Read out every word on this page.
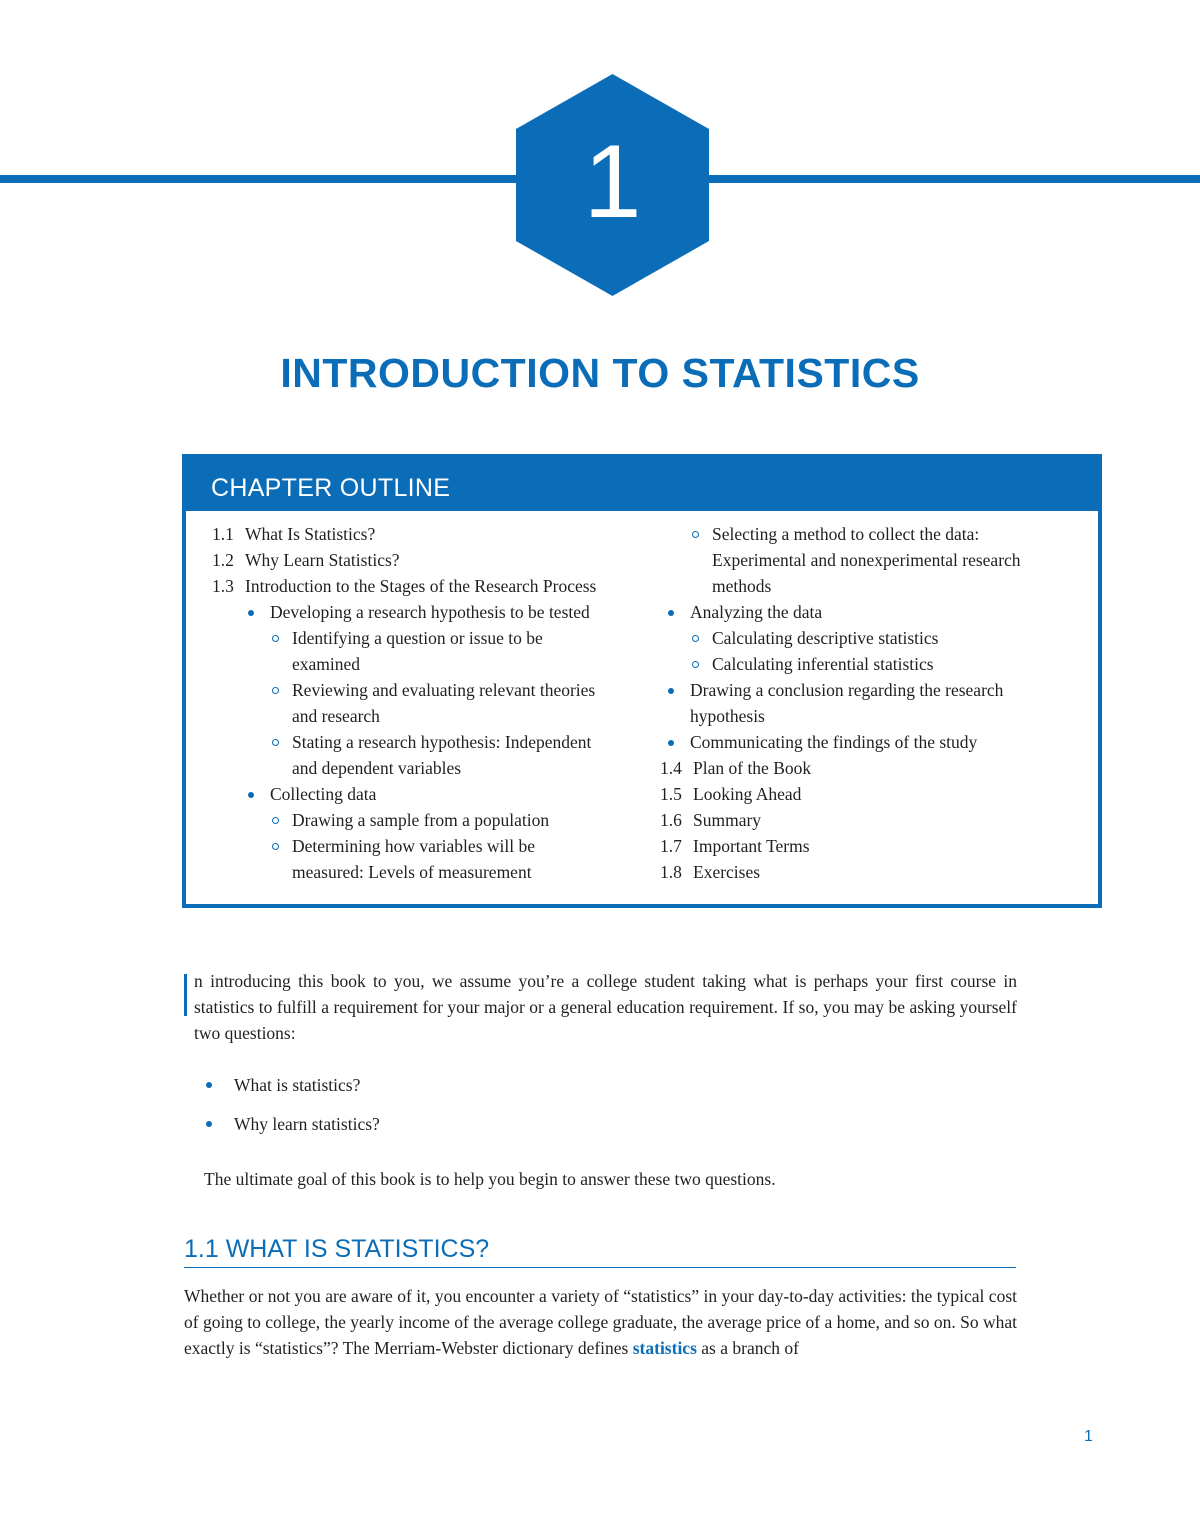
1
INTRODUCTION TO STATISTICS
CHAPTER OUTLINE
1.1 What Is Statistics?
1.2 Why Learn Statistics?
1.3 Introduction to the Stages of the Research Process
Developing a research hypothesis to be tested
Identifying a question or issue to be
examined
Reviewing and evaluating relevant theories
and research
Stating a research hypothesis: Independent
and dependent variables
Collecting data
Drawing a sample from a population
Determining how variables will be
measured: Levels of measurement
Selecting a method to collect the data:
Experimental and nonexperimental research
methods
Analyzing the data
Calculating descriptive statistics
Calculating inferential statistics
Drawing a conclusion regarding the research
hypothesis
Communicating the findings of the study
1.4 Plan of the Book
1.5 Looking Ahead
1.6 Summary
1.7 Important Terms
1.8 Exercises
n introducing this book to you, we assume you’re a college student taking what is perhaps your first course in statistics to fulfill a requirement for your major or a general education requirement. If so, you may be asking yourself two questions:
What is statistics?
Why learn statistics?
The ultimate goal of this book is to help you begin to answer these two questions.
1.1 WHAT IS STATISTICS?
Whether or not you are aware of it, you encounter a variety of “statistics” in your day-to-day activities: the typical cost of going to college, the yearly income of the average college graduate, the average price of a home, and so on. So what exactly is “statistics”? The Merriam-Webster dictionary defines statistics as a branch of
1
